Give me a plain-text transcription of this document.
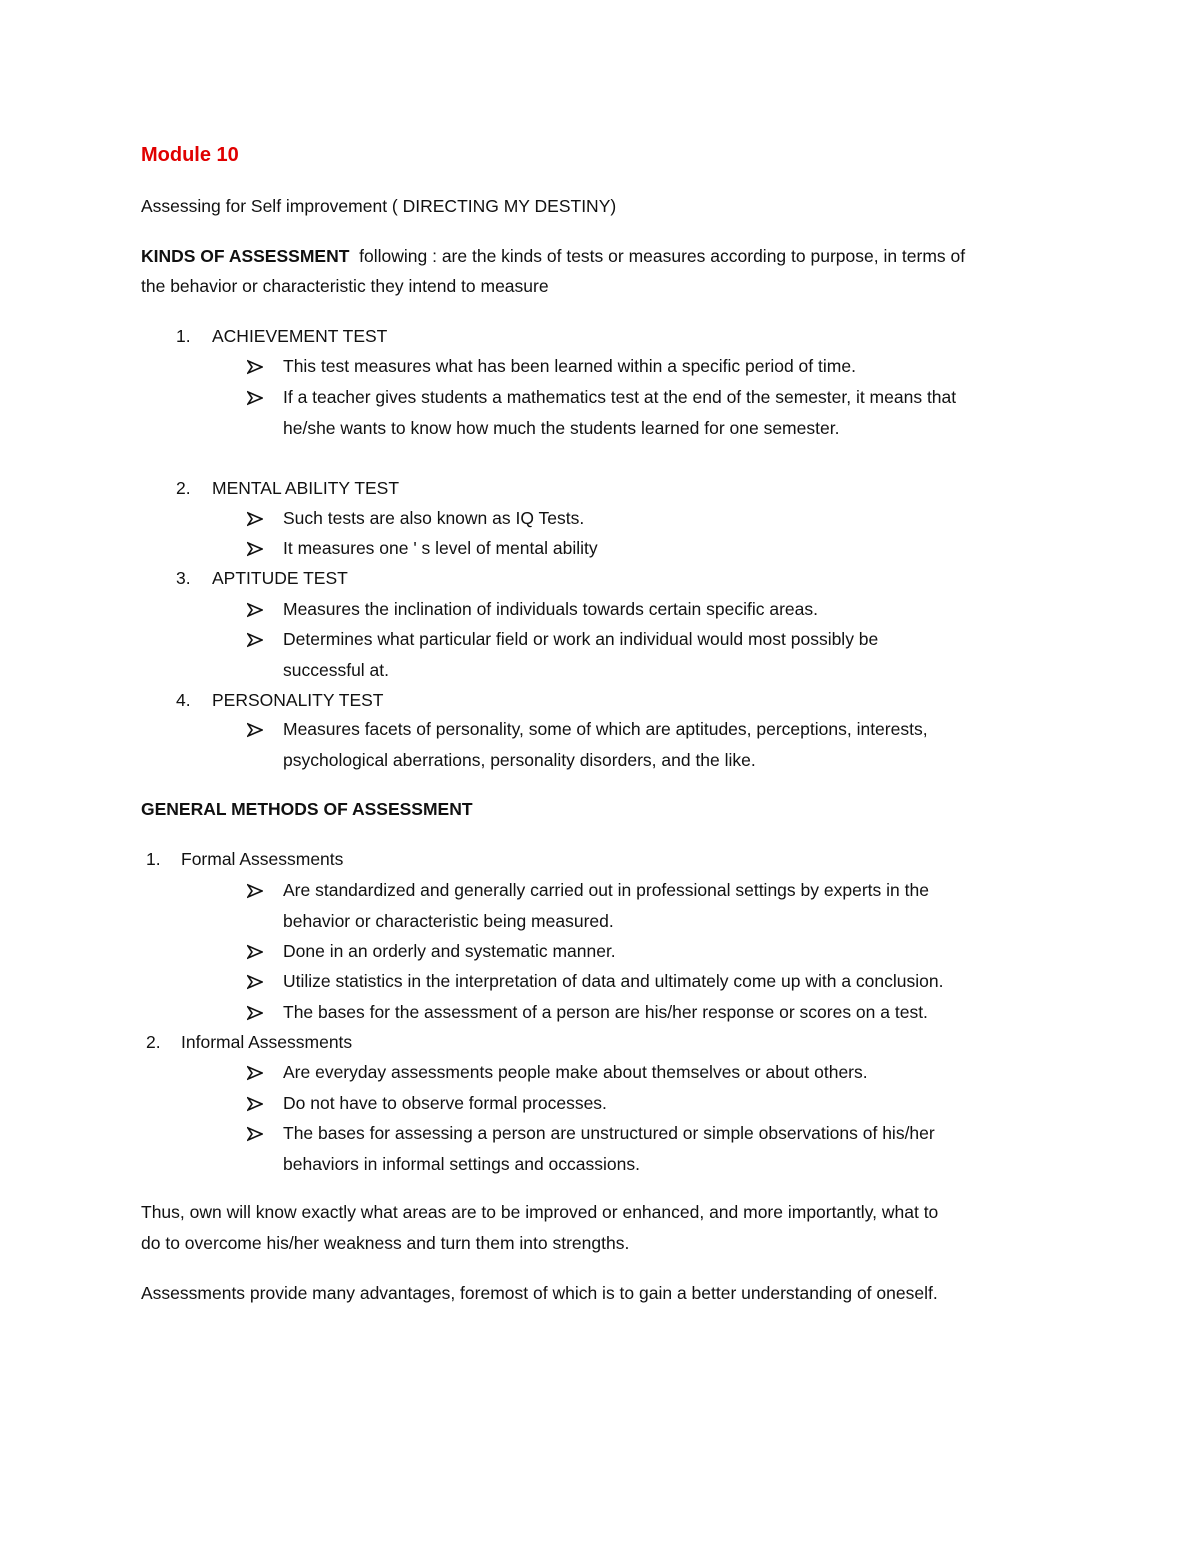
Module 10
Assessing for Self improvement ( DIRECTING MY DESTINY)
KINDS OF ASSESSMENT following : are the kinds of tests or measures according to purpose, in terms of
the behavior or characteristic they intend to measure
1. ACHIEVEMENT TEST
This test measures what has been learned within a specific period of time.
If a teacher gives students a mathematics test at the end of the semester, it means that
he/she wants to know how much the students learned for one semester.
2. MENTAL ABILITY TEST
Such tests are also known as IQ Tests.
It measures one ' s level of mental ability
3. APTITUDE TEST
Measures the inclination of individuals towards certain specific areas.
Determines what particular field or work an individual would most possibly be
successful at.
4. PERSONALITY TEST
Measures facets of personality, some of which are aptitudes, perceptions, interests,
psychological aberrations, personality disorders, and the like.
GENERAL METHODS OF ASSESSMENT
1. Formal Assessments
Are standardized and generally carried out in professional settings by experts in the
behavior or characteristic being measured.
Done in an orderly and systematic manner.
Utilize statistics in the interpretation of data and ultimately come up with a conclusion.
The bases for the assessment of a person are his/her response or scores on a test.
2. Informal Assessments
Are everyday assessments people make about themselves or about others.
Do not have to observe formal processes.
The bases for assessing a person are unstructured or simple observations of his/her
behaviors in informal settings and occassions.
Thus, own will know exactly what areas are to be improved or enhanced, and more importantly, what to
do to overcome his/her weakness and turn them into strengths.
Assessments provide many advantages, foremost of which is to gain a better understanding of oneself.
